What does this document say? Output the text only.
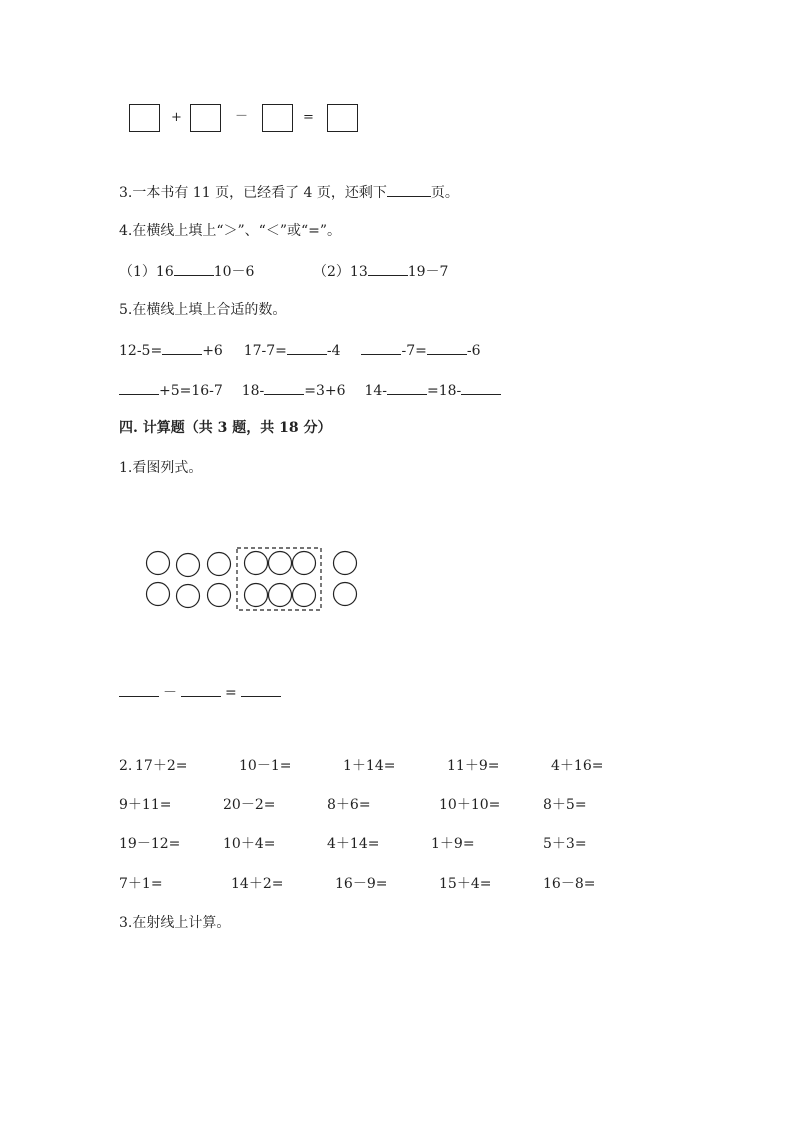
+	－	=
3.一本书有 11 页，已经看了 4 页，还剩下	页。
4.在横线上填上“＞”、“＜”或“=”。
（1）16	10－6	（2）13	19－7
5.在横线上填上合适的数。
12-5=	+6 17-7=	-4	-7=	-6
+5=16-7 18-	=3+6 14-	=18-
四. 计算题（共 3 题，共 18 分）
1.看图列式。
－	=
2. 17＋2=	10－1=	1＋14=	11＋9=	4＋16=
9＋11=	20－2=	8＋6=	10＋10=	8＋5=
19－12=	10＋4=	4＋14=	1＋9=	5＋3=
7＋1=	14＋2=	16－9=	15＋4=	16－8=
3.在射线上计算。
